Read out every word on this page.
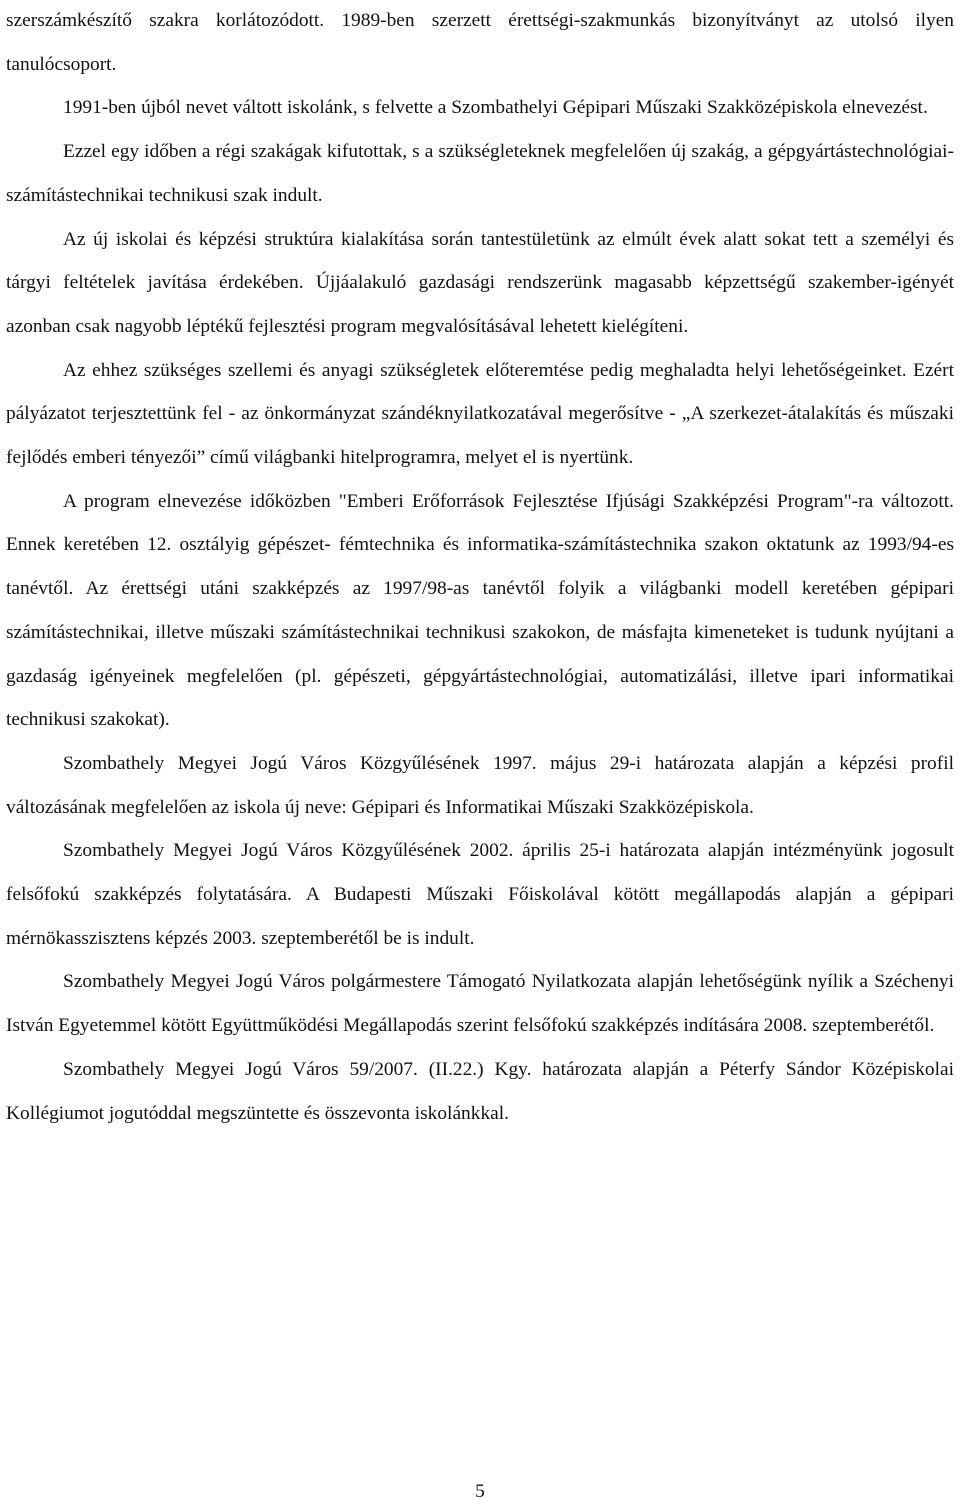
szerszámkészítő szakra korlátozódott. 1989-ben szerzett érettségi-szakmunkás bizonyítványt az utolsó ilyen tanulócsoport.

1991-ben újból nevet váltott iskolánk, s felvette a Szombathelyi Gépipari Műszaki Szakközépiskola elnevezést.

Ezzel egy időben a régi szakágak kifutottak, s a szükségleteknek megfelelően új szakág, a gépgyártástechnológiai-számítástechnikai technikusi szak indult.

Az új iskolai és képzési struktúra kialakítása során tantestületünk az elmúlt évek alatt sokat tett a személyi és tárgyi feltételek javítása érdekében. Újjáalakuló gazdasági rendszerünk magasabb képzettségű szakember-igényét azonban csak nagyobb léptékű fejlesztési program megvalósításával lehetett kielégíteni.

Az ehhez szükséges szellemi és anyagi szükségletek előteremtése pedig meghaladta helyi lehetőségeinket. Ezért pályázatot terjesztettünk fel - az önkormányzat szándéknyilatkozatával megerősítve - „A szerkezet-átalakítás és műszaki fejlődés emberi tényezői” című világbanki hitelprogramra, melyet el is nyertünk.

A program elnevezése időközben "Emberi Erőforrások Fejlesztése Ifjúsági Szakképzési Program"-ra változott. Ennek keretében 12. osztályig gépészet- fémtechnika és informatika-számítástechnika szakon oktatunk az 1993/94-es tanévtől. Az érettségi utáni szakképzés az 1997/98-as tanévtől folyik a világbanki modell keretében gépipari számítástechnikai, illetve műszaki számítástechnikai technikusi szakokon, de másfajta kimeneteket is tudunk nyújtani a gazdaság igényeinek megfelelően (pl. gépészeti, gépgyártástechnológiai, automatizálási, illetve ipari informatikai technikusi szakokat).

Szombathely Megyei Jogú Város Közgyűlésének 1997. május 29-i határozata alapján a képzési profil változásának megfelelően az iskola új neve: Gépipari és Informatikai Műszaki Szakközépiskola.

Szombathely Megyei Jogú Város Közgyűlésének 2002. április 25-i határozata alapján intézményünk jogosult felsőfokú szakképzés folytatására. A Budapesti Műszaki Főiskolával kötött megállapodás alapján a gépipari mérnökasszisztens képzés 2003. szeptemberétől be is indult.

Szombathely Megyei Jogú Város polgármestere Támogató Nyilatkozata alapján lehetőségünk nyílik a Széchenyi István Egyetemmel kötött Együttműködési Megállapodás szerint felsőfokú szakképzés indítására 2008. szeptemberétől.

Szombathely Megyei Jogú Város 59/2007. (II.22.) Kgy. határozata alapján a Péterfy Sándor Középiskolai Kollégiumot jogutóddal megszüntette és összevonta iskolánkkal.

5
